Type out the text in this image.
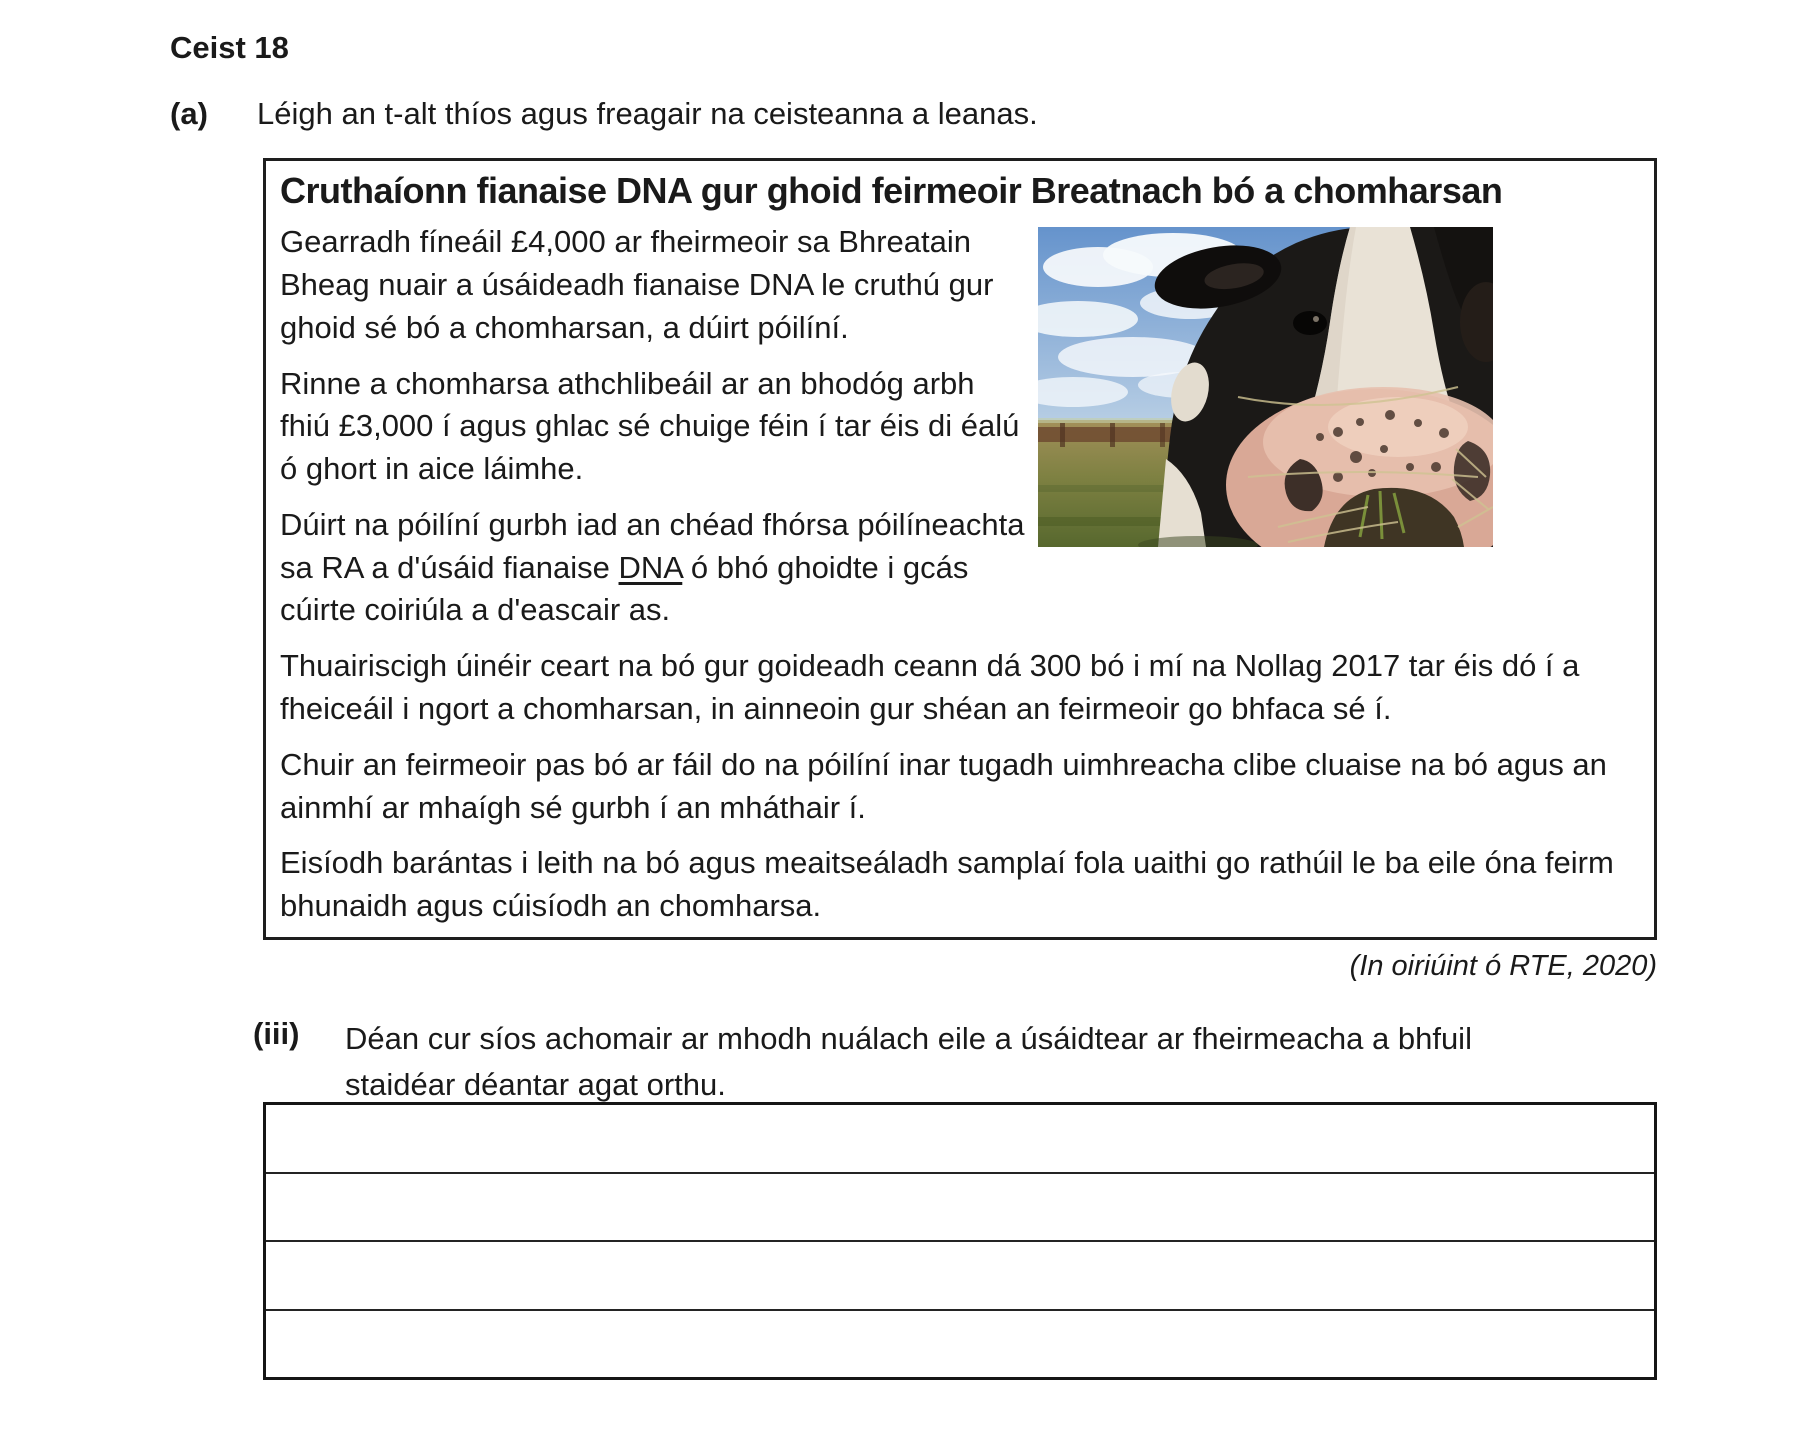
Ceist 18
(a) Léigh an t-alt thíos agus freagair na ceisteanna a leanas.
Cruthaíonn fianaise DNA gur ghoid feirmeoir Breatnach bó a chomharsan

Gearradh fíneáil £4,000 ar fheirmeoir sa Bhreatain Bheag nuair a úsáideadh fianaise DNA le cruthú gur ghoid sé bó a chomharsan, a dúirt póilíní.

Rinne a chomharsa athchlibeáil ar an bhodóg arbh fhiú £3,000 í agus ghlac sé chuige féin í tar éis di éalú ó ghort in aice láimhe.

Dúirt na póilíní gurbh iad an chéad fhórsa póilíneachta sa RA a d'úsáid fianaise DNA ó bhó ghoidte i gcás cúirte coiriúla a d'eascair as.

Thuairiscigh úinéir ceart na bó gur goideadh ceann dá 300 bó i mí na Nollag 2017 tar éis dó í a fheiceáil i ngort a chomharsan, in ainneoin gur shéan an feirmeoir go bhfaca sé í.

Chuir an feirmeoir pas bó ar fáil do na póilíní inar tugadh uimhreacha clibe cluaise na bó agus an ainmhí ar mhaígh sé gurbh í an mháthair í.

Eisíodh barántas i leith na bó agus meaitseáladh samplaí fola uaithi go rathúil le ba eile óna feirm bhunaidh agus cúisíodh an chomharsa.

(In oiriúint ó RTE, 2020)
(iii) Déan cur síos achomair ar mhodh nuálach eile a úsáidtear ar fheirmeacha a bhfuil staidéar déantar agat orthu.
